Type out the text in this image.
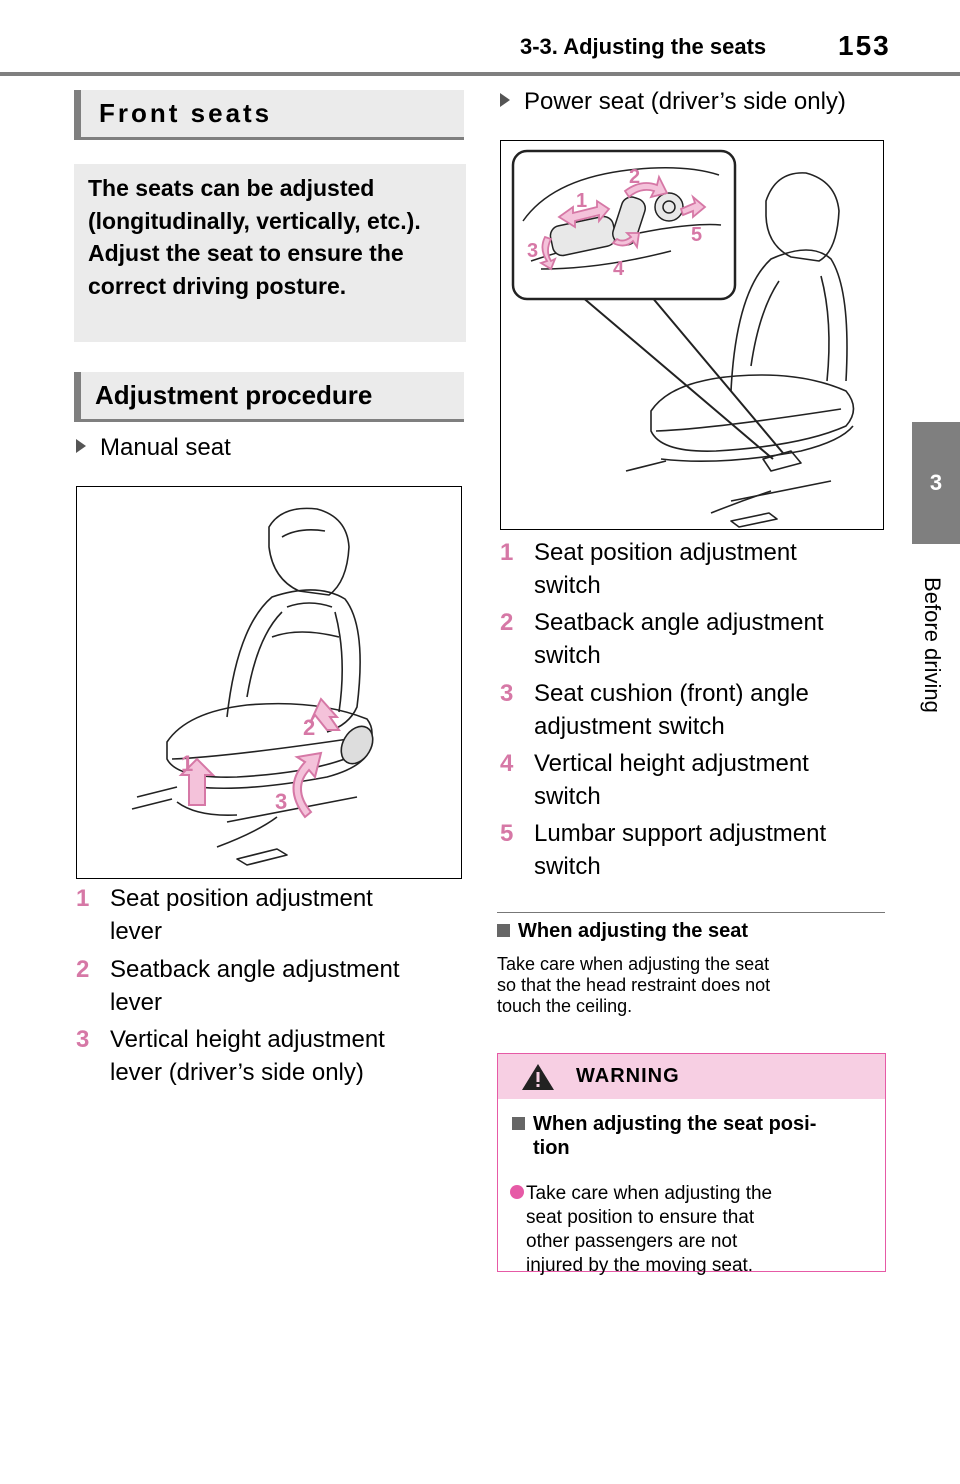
3-3. Adjusting the seats	153
3
Before driving
Front seats
The seats can be adjusted (longitudinally, vertically, etc.). Adjust the seat to ensure the correct driving posture.
Adjustment procedure
Manual seat
1
2
3
1 Seat position adjustment
lever
2 Seatback angle adjustment
lever
3 Vertical height adjustment
lever (driver’s side only)
Power seat (driver’s side only)
1
2
3
4
5
1 Seat position adjustment
switch
2 Seatback angle adjustment
switch
3 Seat cushion (front) angle
adjustment switch
4 Vertical height adjustment
switch
5 Lumbar support adjustment
switch
When adjusting the seat
Take care when adjusting the seat
so that the head restraint does not
touch the ceiling.
WARNING
When adjusting the seat posi-
tion
Take care when adjusting the
seat position to ensure that
other passengers are not
injured by the moving seat.
